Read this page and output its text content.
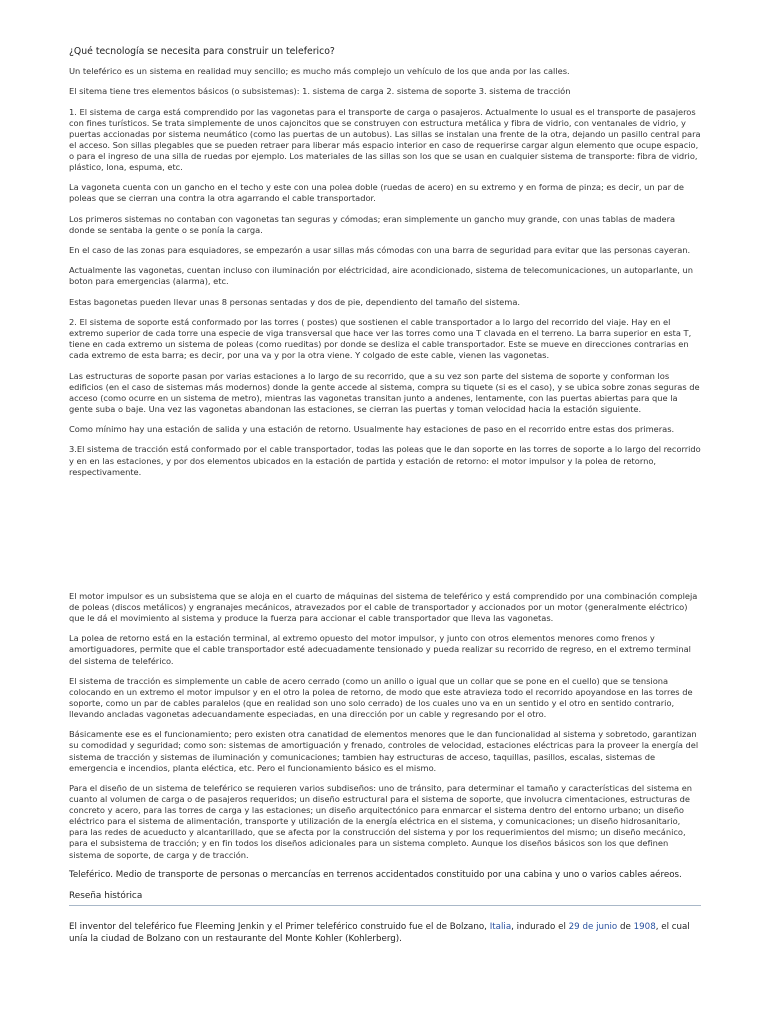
¿Qué tecnología se necesita para construir un teleferico?

Un teleférico es un sistema en realidad muy sencillo; es mucho más complejo un vehículo de los que anda por las calles.

El sitema tiene tres elementos básicos (o subsistemas): 1. sistema de carga 2. sistema de soporte 3. sistema de tracción

1. El sistema de carga está comprendido por las vagonetas para el transporte de carga o pasajeros. Actualmente lo usual es el transporte de pasajeros con fines turísticos. Se trata simplemente de unos cajoncitos que se construyen con estructura metálica y fibra de vidrio, con ventanales de vidrio, y puertas accionadas por sistema neumático (como las puertas de un autobus). Las sillas se instalan una frente de la otra, dejando un pasillo central para el acceso. Son sillas plegables que se pueden retraer para liberar más espacio interior en caso de requerirse cargar algun elemento que ocupe espacio, o para el ingreso de una silla de ruedas por ejemplo. Los materiales de las sillas son los que se usan en cualquier sistema de transporte: fibra de vidrio, plástico, lona, espuma, etc.

La vagoneta cuenta con un gancho en el techo y este con una polea doble (ruedas de acero) en su extremo y en forma de pinza; es decir, un par de poleas que se cierran una contra la otra agarrando el cable transportador.

Los primeros sistemas no contaban con vagonetas tan seguras y cómodas; eran simplemente un gancho muy grande, con unas tablas de madera donde se sentaba la gente o se ponía la carga.

En el caso de las zonas para esquiadores, se empezarón a usar sillas más cómodas con una barra de seguridad para evitar que las personas cayeran.

Actualmente las vagonetas, cuentan incluso con iluminación por eléctricidad, aire acondicionado, sistema de telecomunicaciones, un autoparlante, un boton para emergencias (alarma), etc.

Estas bagonetas pueden llevar unas 8 personas sentadas y dos de pie, dependiento del tamaño del sistema.

2. El sistema de soporte está conformado por las torres ( postes) que sostienen el cable transportador a lo largo del recorrido del viaje. Hay en el extremo superior de cada torre una especie de viga transversal que hace ver las torres como una T clavada en el terreno. La barra superior en esta T, tiene en cada extremo un sistema de poleas (como rueditas) por donde se desliza el cable transportador. Este se mueve en direcciones contrarias en cada extremo de esta barra; es decir, por una va y por la otra viene. Y colgado de este cable, vienen las vagonetas.

Las estructuras de soporte pasan por varias estaciones a lo largo de su recorrido, que a su vez son parte del sistema de soporte y conforman los edificios (en el caso de sistemas más modernos) donde la gente accede al sistema, compra su tiquete (si es el caso), y se ubica sobre zonas seguras de acceso (como ocurre en un sistema de metro), mientras las vagonetas transitan junto a andenes, lentamente, con las puertas abiertas para que la gente suba o baje. Una vez las vagonetas abandonan las estaciones, se cierran las puertas y toman velocidad hacia la estación siguiente.

Como mínimo hay una estación de salida y una estación de retorno. Usualmente hay estaciones de paso en el recorrido entre estas dos primeras.

3.El sistema de tracción está conformado por el cable transportador, todas las poleas que le dan soporte en las torres de soporte a lo largo del recorrido y en en las estaciones, y por dos elementos ubicados en la estación de partida y estación de retorno: el motor impulsor y la polea de retorno, respectivamente.

El motor impulsor es un subsistema que se aloja en el cuarto de máquinas del sistema de teleférico y está comprendido por una combinación compleja de poleas (discos metálicos) y engranajes mecánicos, atravezados por el cable de transportador y accionados por un motor (generalmente eléctrico) que le dá el movimiento al sistema y produce la fuerza para accionar el cable transportador que lleva las vagonetas.

La polea de retorno está en la estación terminal, al extremo opuesto del motor impulsor, y junto con otros elementos menores como frenos y amortiguadores, permite que el cable transportador esté adecuadamente tensionado y pueda realizar su recorrido de regreso, en el extremo terminal del sistema de teleférico.

El sistema de tracción es simplemente un cable de acero cerrado (como un anillo o igual que un collar que se pone en el cuello) que se tensiona colocando en un extremo el motor impulsor y en el otro la polea de retorno, de modo que este atravieza todo el recorrido apoyandose en las torres de soporte, como un par de cables paralelos (que en realidad son uno solo cerrado) de los cuales uno va en un sentido y el otro en sentido contrario, llevando ancladas vagonetas adecuandamente especiadas, en una dirección por un cable y regresando por el otro.

Básicamente ese es el funcionamiento; pero existen otra canatidad de elementos menores que le dan funcionalidad al sistema y sobretodo, garantizan su comodidad y seguridad; como son: sistemas de amortiguación y frenado, controles de velocidad, estaciones eléctricas para la proveer la energía del sistema de tracción y sistemas de iluminación y comunicaciones; tambien hay estructuras de acceso, taquillas, pasillos, escalas, sistemas de emergencia e incendios, planta eléctica, etc. Pero el funcionamiento básico es el mismo.

Para el diseño de un sistema de teleférico se requieren varios subdiseños: uno de tránsito, para determinar el tamaño y características del sistema en cuanto al volumen de carga o de pasajeros requeridos; un diseño estructural para el sistema de soporte, que involucra cimentaciones, estructuras de concreto y acero, para las torres de carga y las estaciones; un diseño arquitectónico para enmarcar el sistema dentro del entorno urbano; un diseño eléctrico para el sistema de alimentación, transporte y utilización de la energía eléctrica en el sistema, y comunicaciones; un diseño hidrosanitario, para las redes de acueducto y alcantarillado, que se afecta por la construcción del sistema y por los requerimientos del mismo; un diseño mecánico, para el subsistema de tracción; y en fin todos los diseños adicionales para un sistema completo. Aunque los diseños básicos son los que definen sistema de soporte, de carga y de tracción.

Teleférico. Medio de transporte de personas o mercancías en terrenos accidentados constituido por una cabina y uno o varios cables aéreos.

Reseña histórica

El inventor del teleférico fue Fleeming Jenkin y el Primer teleférico construido fue el de Bolzano, Italia, indurado el 29 de junio de 1908, el cual unía la ciudad de Bolzano con un restaurante del Monte Kohler (Kohlerberg).
